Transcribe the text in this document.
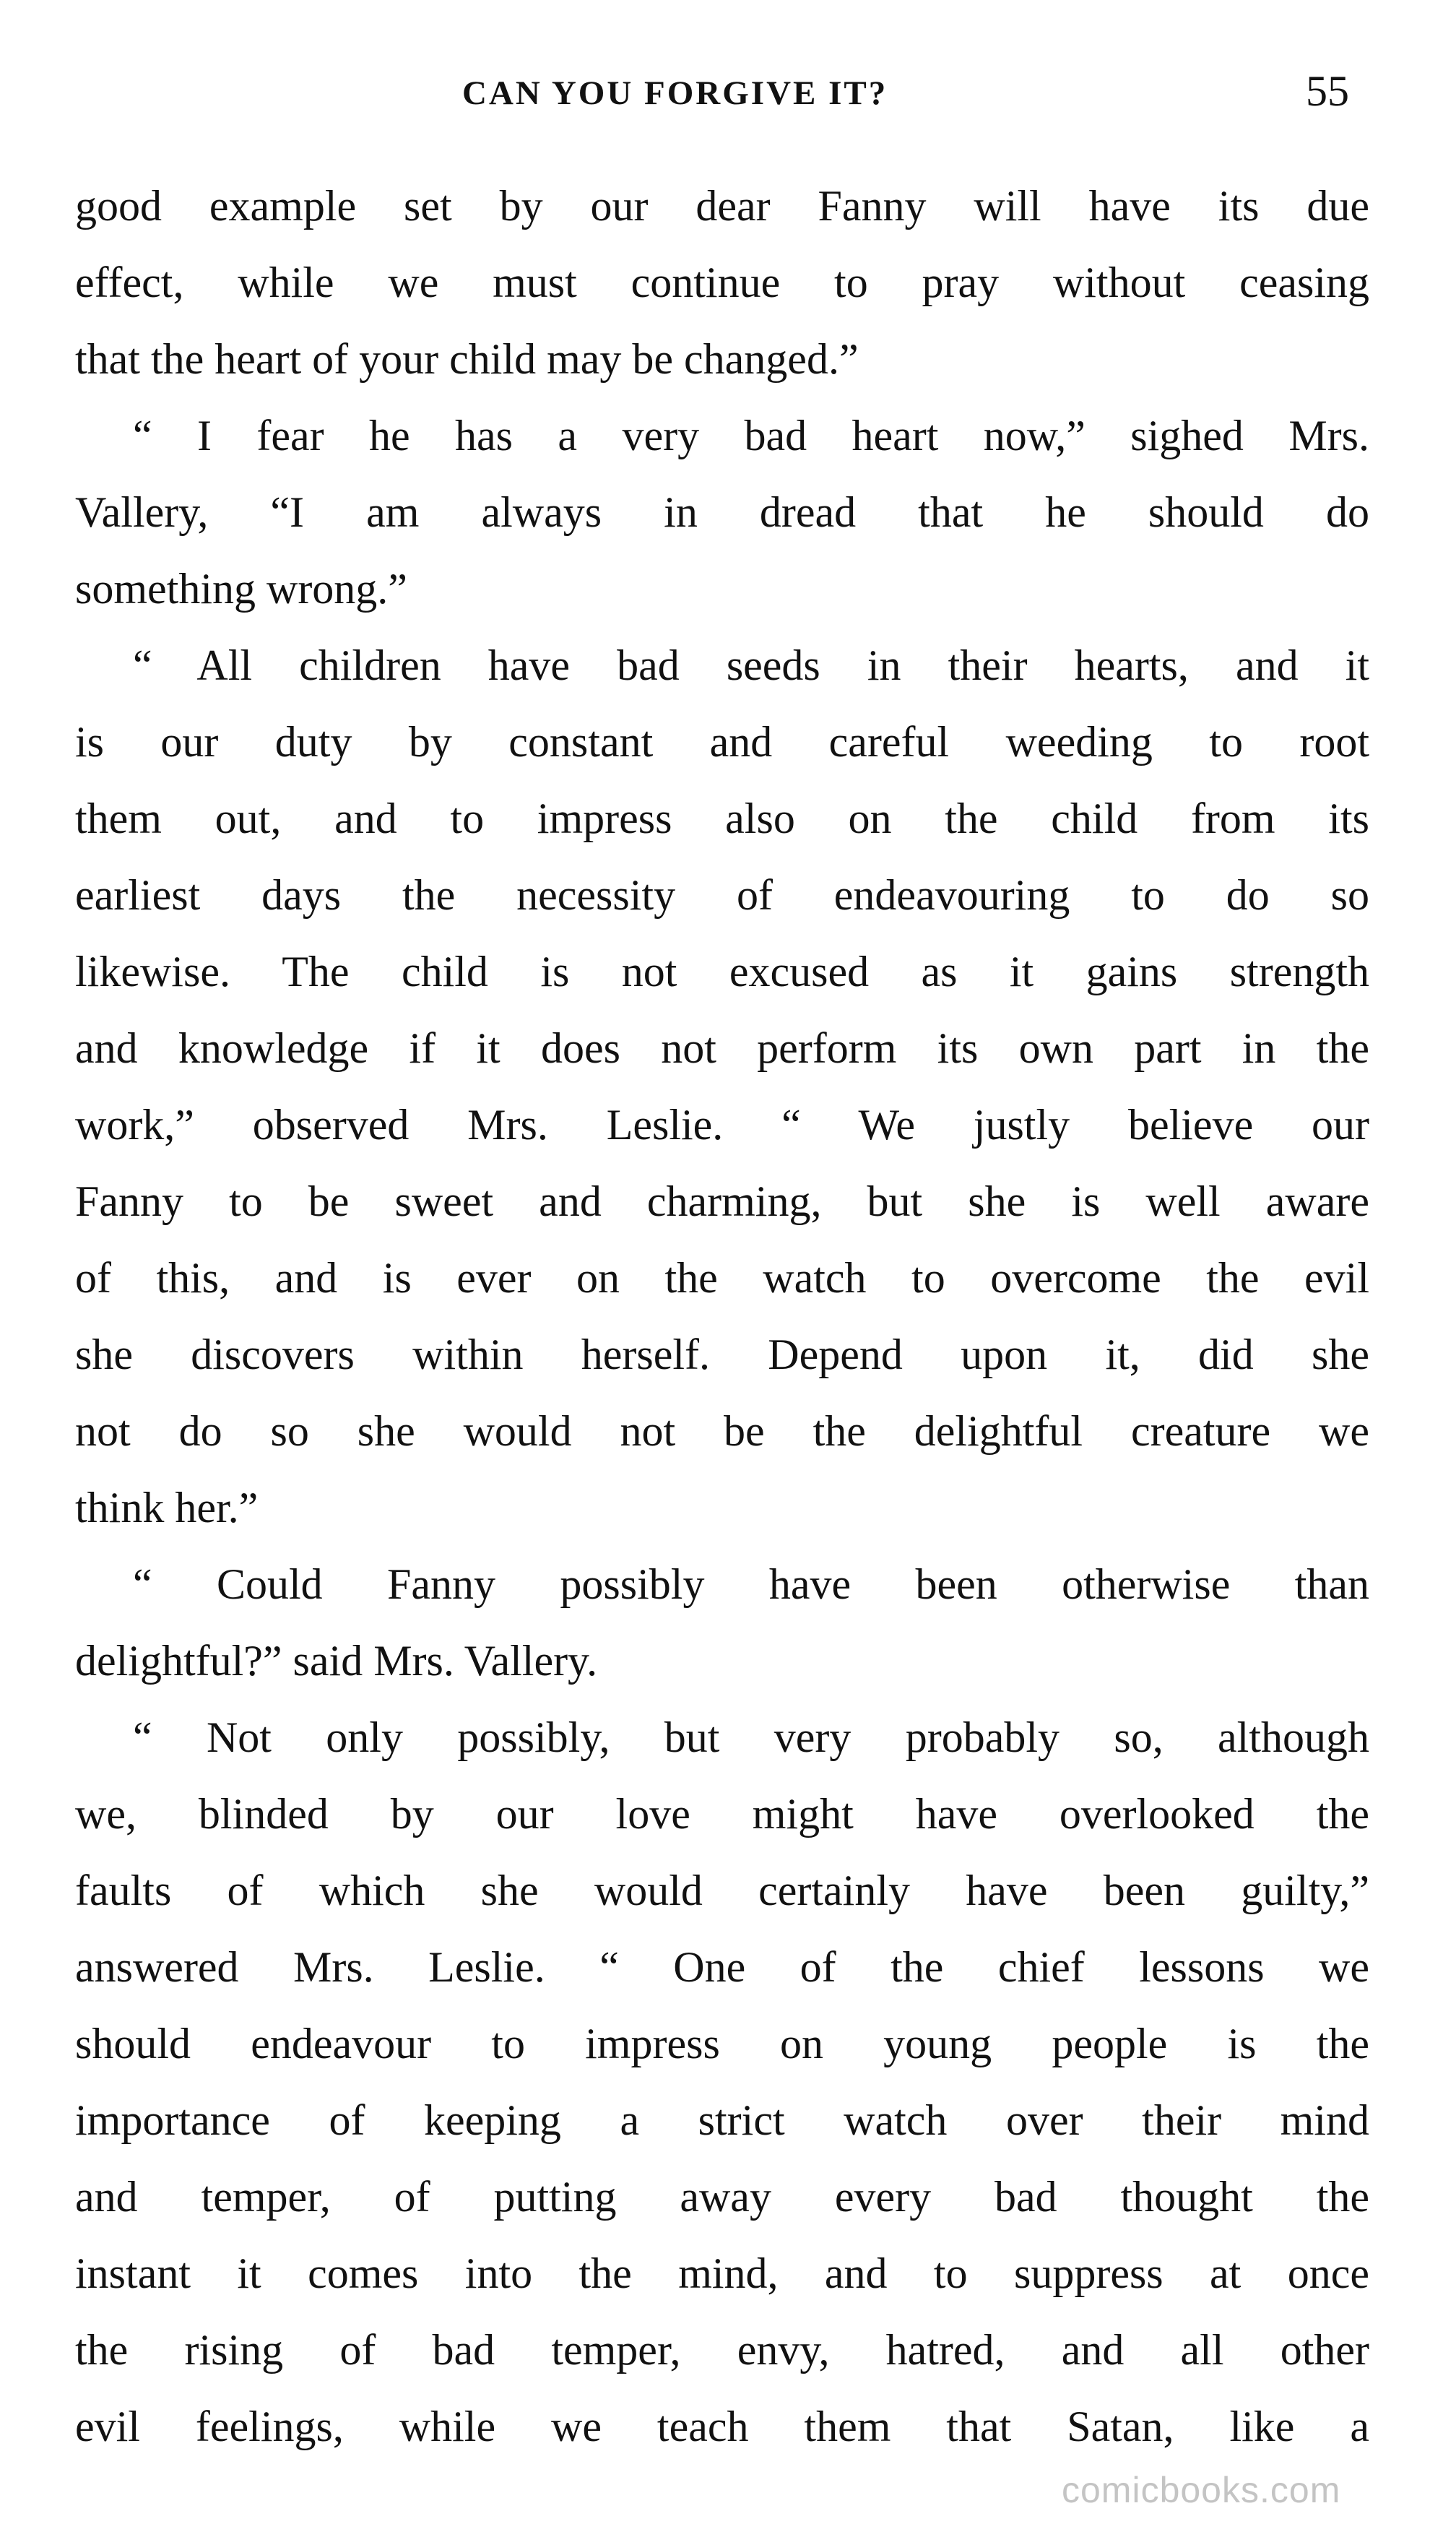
CAN YOU FORGIVE IT?	55
good example set by our dear Fanny will have its due
effect, while we must continue to pray without ceasing
that the heart of your child may be changed.”
“ I fear he has a very bad heart now,” sighed Mrs.
Vallery, “I am always in dread that he should do
something wrong.”
“ All children have bad seeds in their hearts, and it
is our duty by constant and careful weeding to root
them out, and to impress also on the child from its
earliest days the necessity of endeavouring to do so
likewise. The child is not excused as it gains strength
and knowledge if it does not perform its own part in the
work,” observed Mrs. Leslie. “ We justly believe our
Fanny to be sweet and charming, but she is well aware
of this, and is ever on the watch to overcome the evil
she discovers within herself. Depend upon it, did she
not do so she would not be the delightful creature we
think her.”
“ Could Fanny possibly have been otherwise than
delightful?” said Mrs. Vallery.
“ Not only possibly, but very probably so, although
we, blinded by our love might have overlooked the
faults of which she would certainly have been guilty,”
answered Mrs. Leslie. “ One of the chief lessons we
should endeavour to impress on young people is the
importance of keeping a strict watch over their mind
and temper, of putting away every bad thought the
instant it comes into the mind, and to suppress at once
the rising of bad temper, envy, hatred, and all other
evil feelings, while we teach them that Satan, like a
comicbooks.com
